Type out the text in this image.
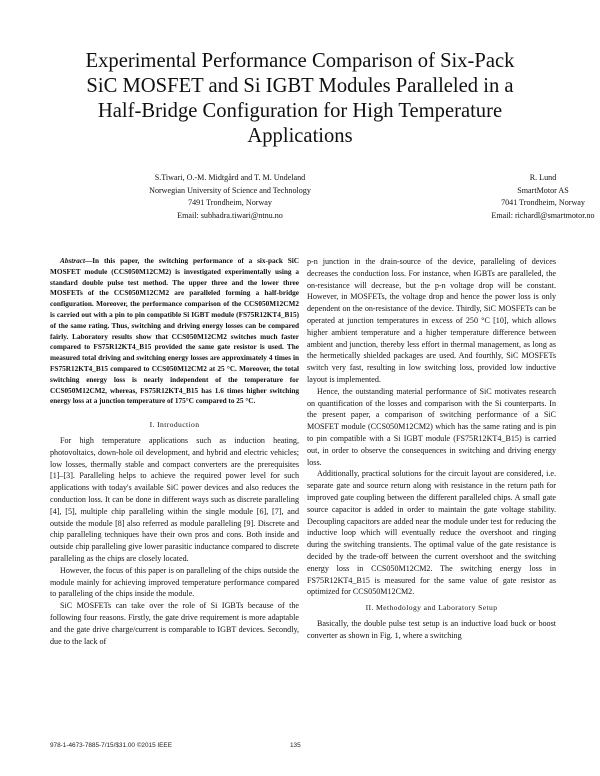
Experimental Performance Comparison of Six-Pack
SiC MOSFET and Si IGBT Modules Paralleled in a
Half-Bridge Configuration for High Temperature
Applications
S.Tiwari, O.-M. Midtgård and T. M. Undeland
Norwegian University of Science and Technology
7491 Trondheim, Norway
Email: subhadra.tiwari@ntnu.no
R. Lund
SmartMotor AS
7041 Trondheim, Norway
Email: richardl@smartmotor.no

Abstract—In this paper, the switching performance of a six-pack SiC MOSFET module (CCS050M12CM2) is investigated experimentally using a standard double pulse test method. The upper three and the lower three MOSFETs of the CCS050M12CM2 are paralleled forming a half-bridge configuration. Moreover, the performance comparison of the CCS050M12CM2 is carried out with a pin to pin compatible Si IGBT module (FS75R12KT4_B15) of the same rating. Thus, switching and driving energy losses can be compared fairly. Laboratory results show that CCS050M12CM2 switches much faster compared to FS75R12KT4_B15 provided the same gate resistor is used. The measured total driving and switching energy losses are approximately 4 times in FS75R12KT4_B15 compared to CCS050M12CM2 at 25 °C. Moreover, the total switching energy loss is nearly independent of the temperature for CCS050M12CM2, whereas, FS75R12KT4_B15 has 1.6 times higher switching energy loss at a junction temperature of 175°C compared to 25 °C.

I. Introduction

For high temperature applications such as induction heating, photovoltaics, down-hole oil development, and hybrid and electric vehicles; low losses, thermally stable and compact converters are the prerequisites [1]–[3]. Paralleling helps to achieve the required power level for such applications with today's available SiC power devices and also reduces the conduction loss. It can be done in different ways such as discrete paralleling [4], [5], multiple chip paralleling within the single module [6], [7], and outside the module [8] also referred as module paralleling [9]. Discrete and chip paralleling techniques have their own pros and cons. Both inside and outside chip paralleling give lower parasitic inductance compared to discrete paralleling as the chips are closely located.

However, the focus of this paper is on paralleling of the chips outside the module mainly for achieving improved temperature performance compared to paralleling of the chips inside the module.

SiC MOSFETs can take over the role of Si IGBTs because of the following four reasons. Firstly, the gate drive requirement is more adaptable and the gate drive charge/current is comparable to IGBT devices. Secondly, due to the lack of

p-n junction in the drain-source of the device, paralleling of devices decreases the conduction loss. For instance, when IGBTs are paralleled, the on-resistance will decrease, but the p-n voltage drop will be constant. However, in MOSFETs, the voltage drop and hence the power loss is only dependent on the on-resistance of the device. Thirdly, SiC MOSFETs can be operated at junction temperatures in excess of 250 °C [10], which allows higher ambient temperature and a higher temperature difference between ambient and junction, thereby less effort in thermal management, as long as the hermetically shielded packages are used. And fourthly, SiC MOSFETs switch very fast, resulting in low switching loss, provided low inductive layout is implemented.

Hence, the outstanding material performance of SiC motivates research on quantification of the losses and comparison with the Si counterparts. In the present paper, a comparison of switching performance of a SiC MOSFET module (CCS050M12CM2) which has the same rating and is pin to pin compatible with a Si IGBT module (FS75R12KT4_B15) is carried out, in order to observe the consequences in switching and driving energy loss.

Additionally, practical solutions for the circuit layout are considered, i.e. separate gate and source return along with resistance in the return path for improved gate coupling between the different paralleled chips. A small gate source capacitor is added in order to maintain the gate voltage stability. Decoupling capacitors are added near the module under test for reducing the inductive loop which will eventually reduce the overshoot and ringing during the switching transients. The optimal value of the gate resistance is decided by the trade-off between the current overshoot and the switching energy loss in CCS050M12CM2. The switching energy loss in FS75R12KT4_B15 is measured for the same value of gate resistor as optimized for CCS050M12CM2.

II. Methodology and Laboratory Setup

Basically, the double pulse test setup is an inductive load buck or boost converter as shown in Fig. 1, where a switching

978-1-4673-7885-7/15/$31.00 ©2015 IEEE	135
